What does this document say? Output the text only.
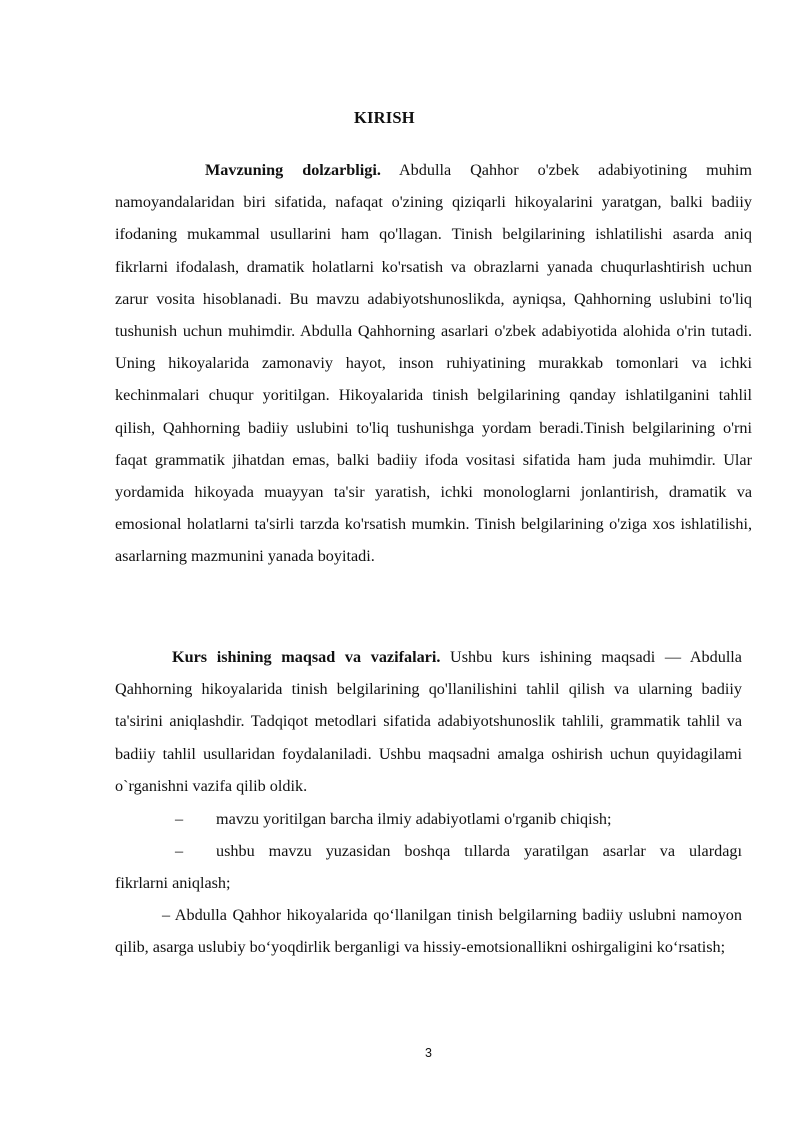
KIRISH

Mavzuning dolzarbligi. Abdulla Qahhor o'zbek adabiyotining muhim namoyandalaridan biri sifatida, nafaqat o'zining qiziqarli hikoyalarini yaratgan, balki badiiy ifodaning mukammal usullarini ham qo'llagan. Tinish belgilarining ishlatilishi asarda aniq fikrlarni ifodalash, dramatik holatlarni ko'rsatish va obrazlarni yanada chuqurlashtirish uchun zarur vosita hisoblanadi. Bu mavzu adabiyotshunoslikda, ayniqsa, Qahhorning uslubini to'liq tushunish uchun muhimdir. Abdulla Qahhorning asarlari o'zbek adabiyotida alohida o'rin tutadi. Uning hikoyalarida zamonaviy hayot, inson ruhiyatining murakkab tomonlari va ichki kechinmalari chuqur yoritilgan. Hikoyalarida tinish belgilarining qanday ishlatilganini tahlil qilish, Qahhorning badiiy uslubini to'liq tushunishga yordam beradi.Tinish belgilarining o'rni faqat grammatik jihatdan emas, balki badiiy ifoda vositasi sifatida ham juda muhimdir. Ular yordamida hikoyada muayyan ta'sir yaratish, ichki monologlarni jonlantirish, dramatik va emosional holatlarni ta'sirli tarzda ko'rsatish mumkin. Tinish belgilarining o'ziga xos ishlatilishi, asarlarning mazmunini yanada boyitadi.

Kurs ishining maqsad va vazifalari. Ushbu kurs ishining maqsadi — Abdulla Qahhorning hikoyalarida tinish belgilarining qo'llanilishini tahlil qilish va ularning badiiy ta'sirini aniqlashdir. Tadqiqot metodlari sifatida adabiyotshunoslik tahlili, grammatik tahlil va badiiy tahlil usullaridan foydalaniladi. Ushbu maqsadni amalga oshirish uchun quyidagilami o`rganishni vazifa qilib oldik.

– mavzu yoritilgan barcha ilmiy adabiyotlami o'rganib chiqish;
– ushbu mavzu yuzasidan boshqa tıllarda yaratilgan asarlar va ulardagı
fikrlarni aniqlash;

– Abdulla Qahhor hikoyalarida qo‘llanilgan tinish belgilarning badiiy uslubni namoyon qilib, asarga uslubiy bo‘yoqdirlik berganligi va hissiy-emotsionallikni oshirgaligini ko‘rsatish;

3
